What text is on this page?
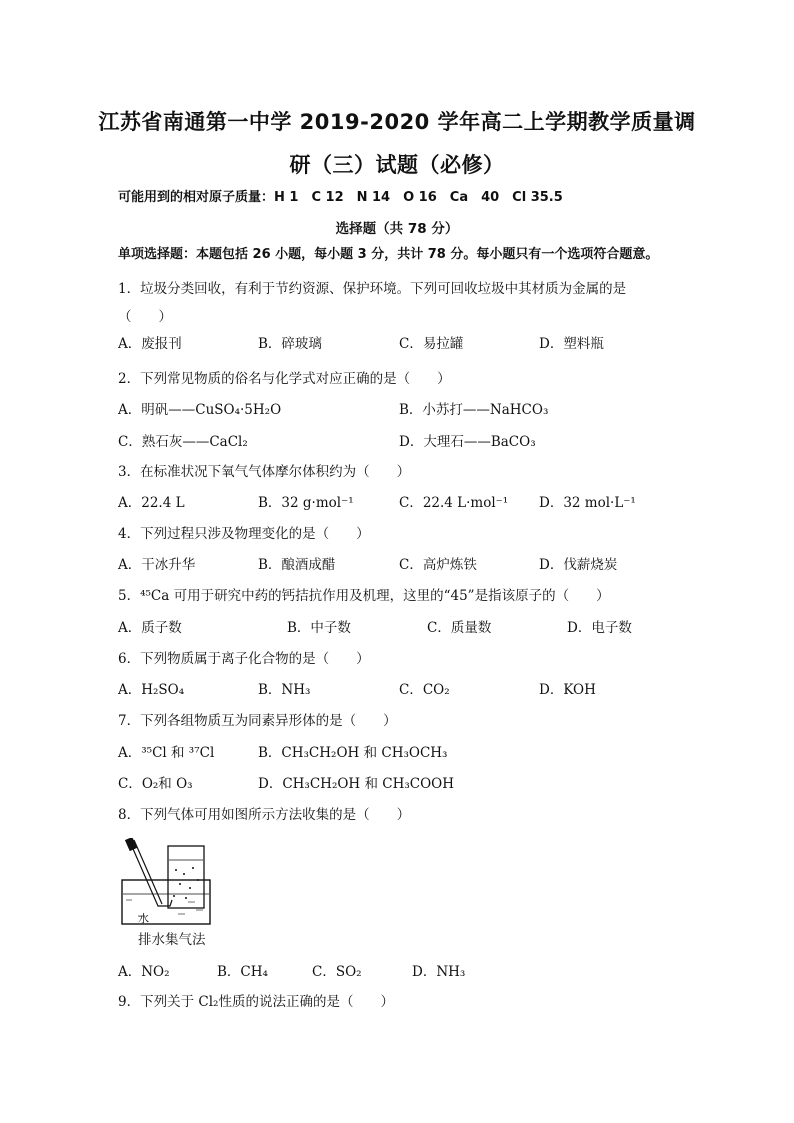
江苏省南通第一中学 2019-2020 学年高二上学期教学质量调
研（三）试题（必修）
可能用到的相对原子质量：H 1　C 12　N 14　O 16　Ca　40　Cl 35.5
选择题（共 78 分）
单项选择题：本题包括 26 小题，每小题 3 分，共计 78 分。每小题只有一个选项符合题意。
1．垃圾分类回收，有利于节约资源、保护环境。下列可回收垃圾中其材质为金属的是
（　　）
A．废报刊	B．碎玻璃	C．易拉罐	D．塑料瓶
2．下列常见物质的俗名与化学式对应正确的是（　　）
A．明矾——CuSO₄·5H₂O	B．小苏打——NaHCO₃
C．熟石灰——CaCl₂	D．大理石——BaCO₃
3．在标准状况下氧气气体摩尔体积约为（　　）
A．22.4 L	B．32 g·mol⁻¹	C．22.4 L·mol⁻¹ D．32 mol·L⁻¹
4．下列过程只涉及物理变化的是（　　）
A．干冰升华	B．酿酒成醋	C．高炉炼铁	D．伐薪烧炭
5．⁴⁵Ca 可用于研究中药的钙拮抗作用及机理，这里的“45”是指该原子的（　　）
A．质子数	B．中子数	C．质量数	D．电子数
6．下列物质属于离子化合物的是（　　）
A．H₂SO₄	B．NH₃	C．CO₂	D．KOH
7．下列各组物质互为同素异形体的是（　　）
A．³⁵Cl 和 ³⁷Cl	B．CH₃CH₂OH 和 CH₃OCH₃
C．O₂和 O₃	D．CH₃CH₂OH 和 CH₃COOH
8．下列气体可用如图所示方法收集的是（　　）
水
排水集气法
A．NO₂	B．CH₄	C．SO₂	D．NH₃
9．下列关于 Cl₂性质的说法正确的是（　　）
